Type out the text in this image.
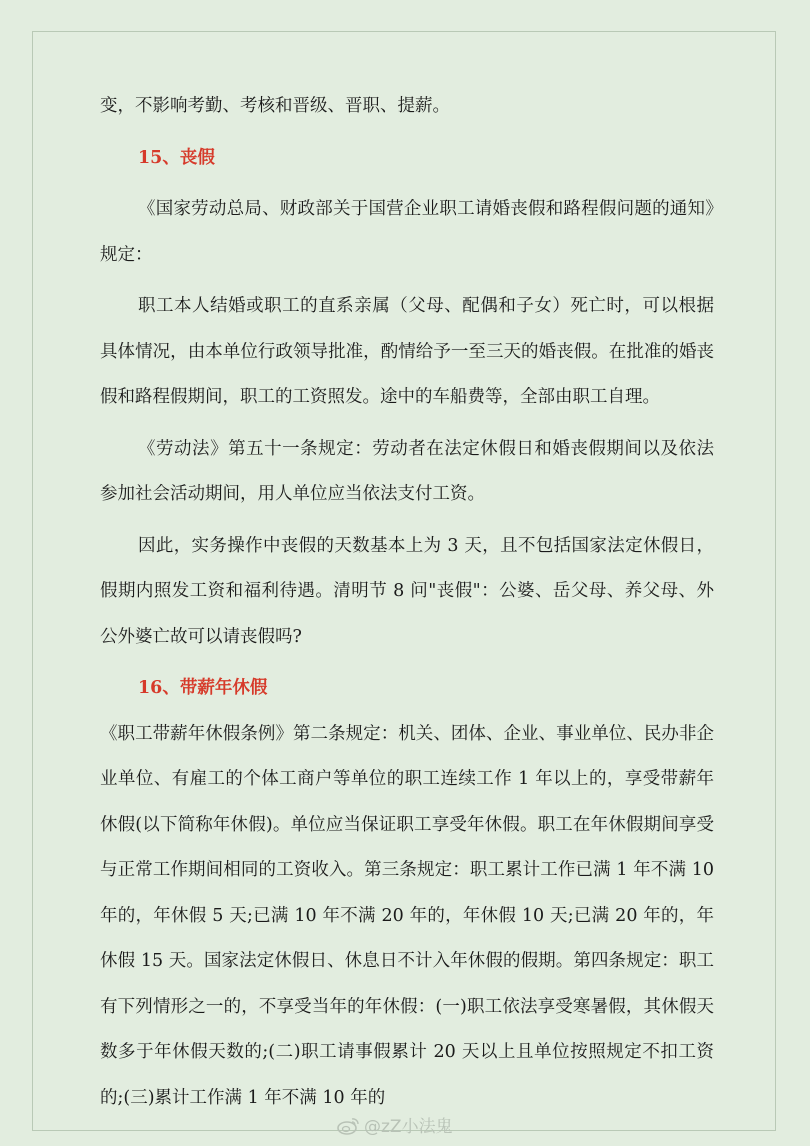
变，不影响考勤、考核和晋级、晋职、提薪。

15、丧假

《国家劳动总局、财政部关于国营企业职工请婚丧假和路程假问题的通知》规定：

职工本人结婚或职工的直系亲属（父母、配偶和子女）死亡时，可以根据具体情况，由本单位行政领导批准，酌情给予一至三天的婚丧假。在批准的婚丧假和路程假期间，职工的工资照发。途中的车船费等，全部由职工自理。

《劳动法》第五十一条规定：劳动者在法定休假日和婚丧假期间以及依法参加社会活动期间，用人单位应当依法支付工资。

因此，实务操作中丧假的天数基本上为 3 天，且不包括国家法定休假日，假期内照发工资和福利待遇。清明节 8 问"丧假"：公婆、岳父母、养父母、外公外婆亡故可以请丧假吗?

16、带薪年休假

《职工带薪年休假条例》第二条规定：机关、团体、企业、事业单位、民办非企业单位、有雇工的个体工商户等单位的职工连续工作 1 年以上的，享受带薪年休假(以下简称年休假)。单位应当保证职工享受年休假。职工在年休假期间享受与正常工作期间相同的工资收入。第三条规定：职工累计工作已满 1 年不满 10 年的，年休假 5 天;已满 10 年不满 20 年的，年休假 10 天;已满 20 年的，年休假 15 天。国家法定休假日、休息日不计入年休假的假期。第四条规定：职工有下列情形之一的，不享受当年的年休假：(一)职工依法享受寒暑假，其休假天数多于年休假天数的;(二)职工请事假累计 20 天以上且单位按照规定不扣工资的;(三)累计工作满 1 年不满 10 年的

@zZ小法鬼
